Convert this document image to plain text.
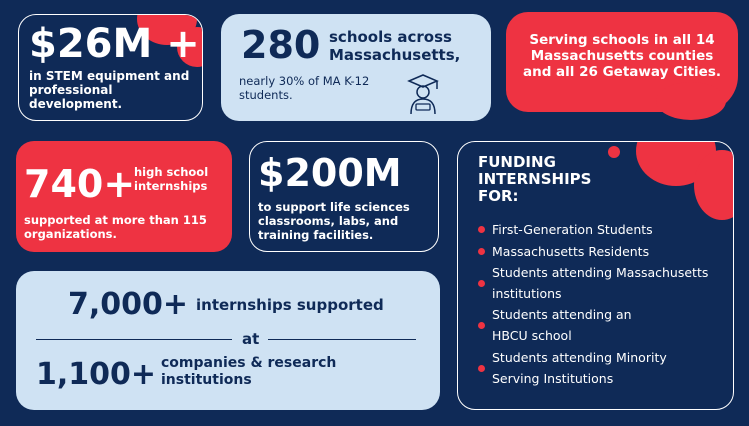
$26M +
in STEM equipment and professional development.
280 schools across Massachusetts,
nearly 30% of MA K-12 students.
Serving schools in all 14 Massachusetts counties and all 26 Getaway Cities.
740+
high school internships
supported at more than 115 organizations.
$200M
to support life sciences classrooms, labs, and training facilities.
7,000+ internships supported
at
1,100+ companies & research institutions
FUNDING INTERNSHIPS FOR:
First-Generation Students
Massachusetts Residents
Students attending Massachusetts institutions
Students attending an HBCU school
Students attending Minority Serving Institutions
